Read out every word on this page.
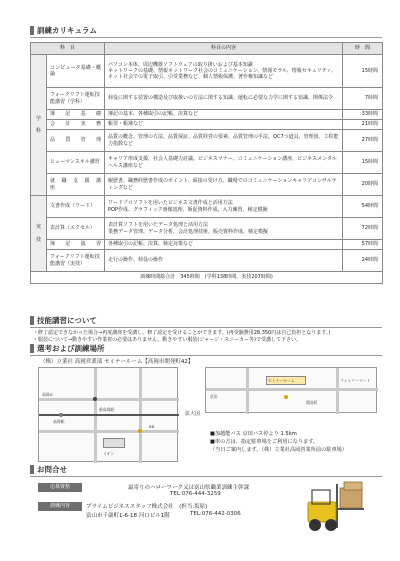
訓練カリキュラム
科　目		科目の内容	時　間
学

科	コンピュータ基礎・概論	パソコン本体、周辺機器ソフトウェアの取り扱いおよび基本知識
ネットワークの基礎、情報ネットワーク社会のコミュニケーション、情報モラル、情報セキュリティ、ネット社会での電子取引、引受業務など、個人情報保護、著作権知識など	15時間
	フォークリフト運転技能講習（学科）	荷役に関する装置の構造及び取扱いの方法に関する知識、運転に必要な力学に関する知識、関係法令	7時間
	簿　記　基　礎	簿記の基本、各種取引の記帳、決算など	33時間
	会　計　実　務	帳票・帳簿など	21時間
	品　質　管　理	品質の概念、管理の方法、品質保証、品質経営の要素、品質管理の手法、QC7つ道具、管理図、工程能力指数など	27時間
	ヒューマンスキル講習	キャリア形成支援、社会人基礎力討議、ビジネスマナー、コミュニケーション講座、ビジネスメンタルヘルス講座など	15時間
	就　職　支　援　講　座	履歴書、職務経歴書作成のポイント、面接の受け方、職場でのコミュニケーションキャリアコンサルティングなど	20時間
実

技	文書作成（ワード）	ワードプロソフトを用いたビジネス文書作成と活用方法
POP作成、グラフィック画像処理、販促資料作成、入力練習、検定模擬	54時間
	表計算（エクセル）	表計算ソフトを用いたデータ処理と活用方法
業務データ管理、データ分析、会計処理技術。販売資料作成、検定模擬	72時間
	簿　記　演　習	各種取引の記帳、決算、検定対策など	57時間
	フォークリフト運転技能講習（実技）	走行の操作、荷役の操作	24時間
訓練時間総合計　345時間　(学科138時間、実技207時間)			
技能講習について
・修了認定できなかった場合→再度講座を受講し、修了認定を受けることができます。(再受験費用28,350円は自己負担となります。)
・服装について→動きやすい作業着の必要はありません。動きやすい服装(ジャージ・スニーカー等)で受講して下さい。
選考および訓練場所
（株）立業社 高岡営業部 セミナールーム【高岡市開発町42】
高岡IC
新高岡駅
高岡駅
R8
イオン
拡大図
セミナールーム
京田
開発町
ファミリーマート
■加越能バス 京田バス停より 1.5km
■車の方は、指定駐車場をご利用になります。
（当日ご案内します。（株）立業社高岡営業所前の駐車場）
お問合せ
応募資格	最寄りのハローワーク又は富山県職業訓練主幹課
TEL:076-444-3259
訓練内容	プライムビジネススタッフ株式会社　(担当:坂原)
富山市千歳町1-6-18 河口ビル1階	TEL:076-442-0306
